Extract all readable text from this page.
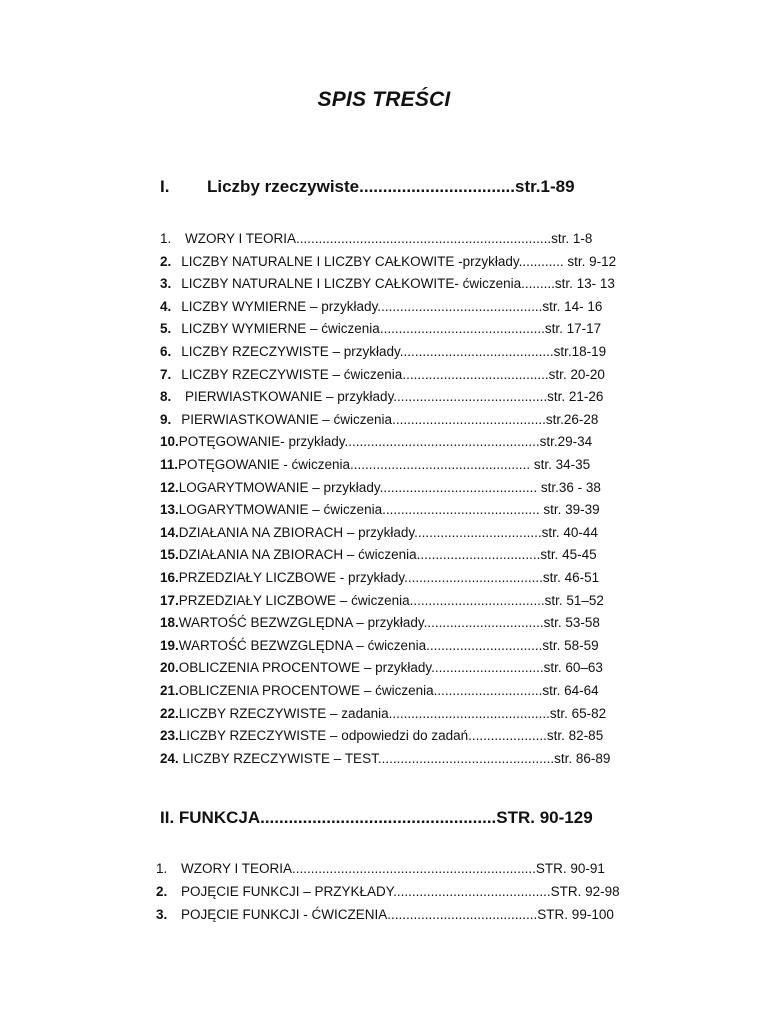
SPIS TREŚCI
I. Liczby rzeczywiste.................................str.1-89
1. WZORY I TEORIA....................................................................str. 1-8
2. LICZBY NATURALNE I LICZBY CAŁKOWITE -przykłady............ str. 9-12
3. LICZBY NATURALNE I LICZBY CAŁKOWITE- ćwiczenia.........str. 13- 13
4. LICZBY WYMIERNE – przykłady............................................str. 14- 16
5. LICZBY WYMIERNE – ćwiczenia............................................str. 17-17
6. LICZBY RZECZYWISTE – przykłady.........................................str.18-19
7. LICZBY RZECZYWISTE – ćwiczenia.......................................str. 20-20
8. PIERWIASTKOWANIE – przykłady.........................................str. 21-26
9. PIERWIASTKOWANIE – ćwiczenia.........................................str.26-28
10.POTĘGOWANIE- przykłady....................................................str.29-34
11.POTĘGOWANIE - ćwiczenia................................................ str. 34-35
12.LOGARYTMOWANIE – przykłady.......................................... str.36 - 38
13.LOGARYTMOWANIE – ćwiczenia.......................................... str. 39-39
14.DZIAŁANIA NA ZBIORACH – przykłady..................................str. 40-44
15.DZIAŁANIA NA ZBIORACH – ćwiczenia.................................str. 45-45
16.PRZEDZIAŁY LICZBOWE - przykłady.....................................str. 46-51
17.PRZEDZIAŁY LICZBOWE – ćwiczenia....................................str. 51–52
18.WARTOŚĆ BEZWZGLĘDNA – przykłady................................str. 53-58
19.WARTOŚĆ BEZWZGLĘDNA – ćwiczenia...............................str. 58-59
20.OBLICZENIA PROCENTOWE – przykłady..............................str. 60–63
21.OBLICZENIA PROCENTOWE – ćwiczenia.............................str. 64-64
22.LICZBY RZECZYWISTE – zadania...........................................str. 65-82
23.LICZBY RZECZYWISTE – odpowiedzi do zadań.....................str. 82-85
24. LICZBY RZECZYWISTE – TEST...............................................str. 86-89
II. FUNKCJA..................................................STR. 90-129
1. WZORY I TEORIA.................................................................STR. 90-91
2. POJĘCIE FUNKCJI – PRZYKŁADY..........................................STR. 92-98
3. POJĘCIE FUNKCJI - ĆWICZENIA........................................STR. 99-100
